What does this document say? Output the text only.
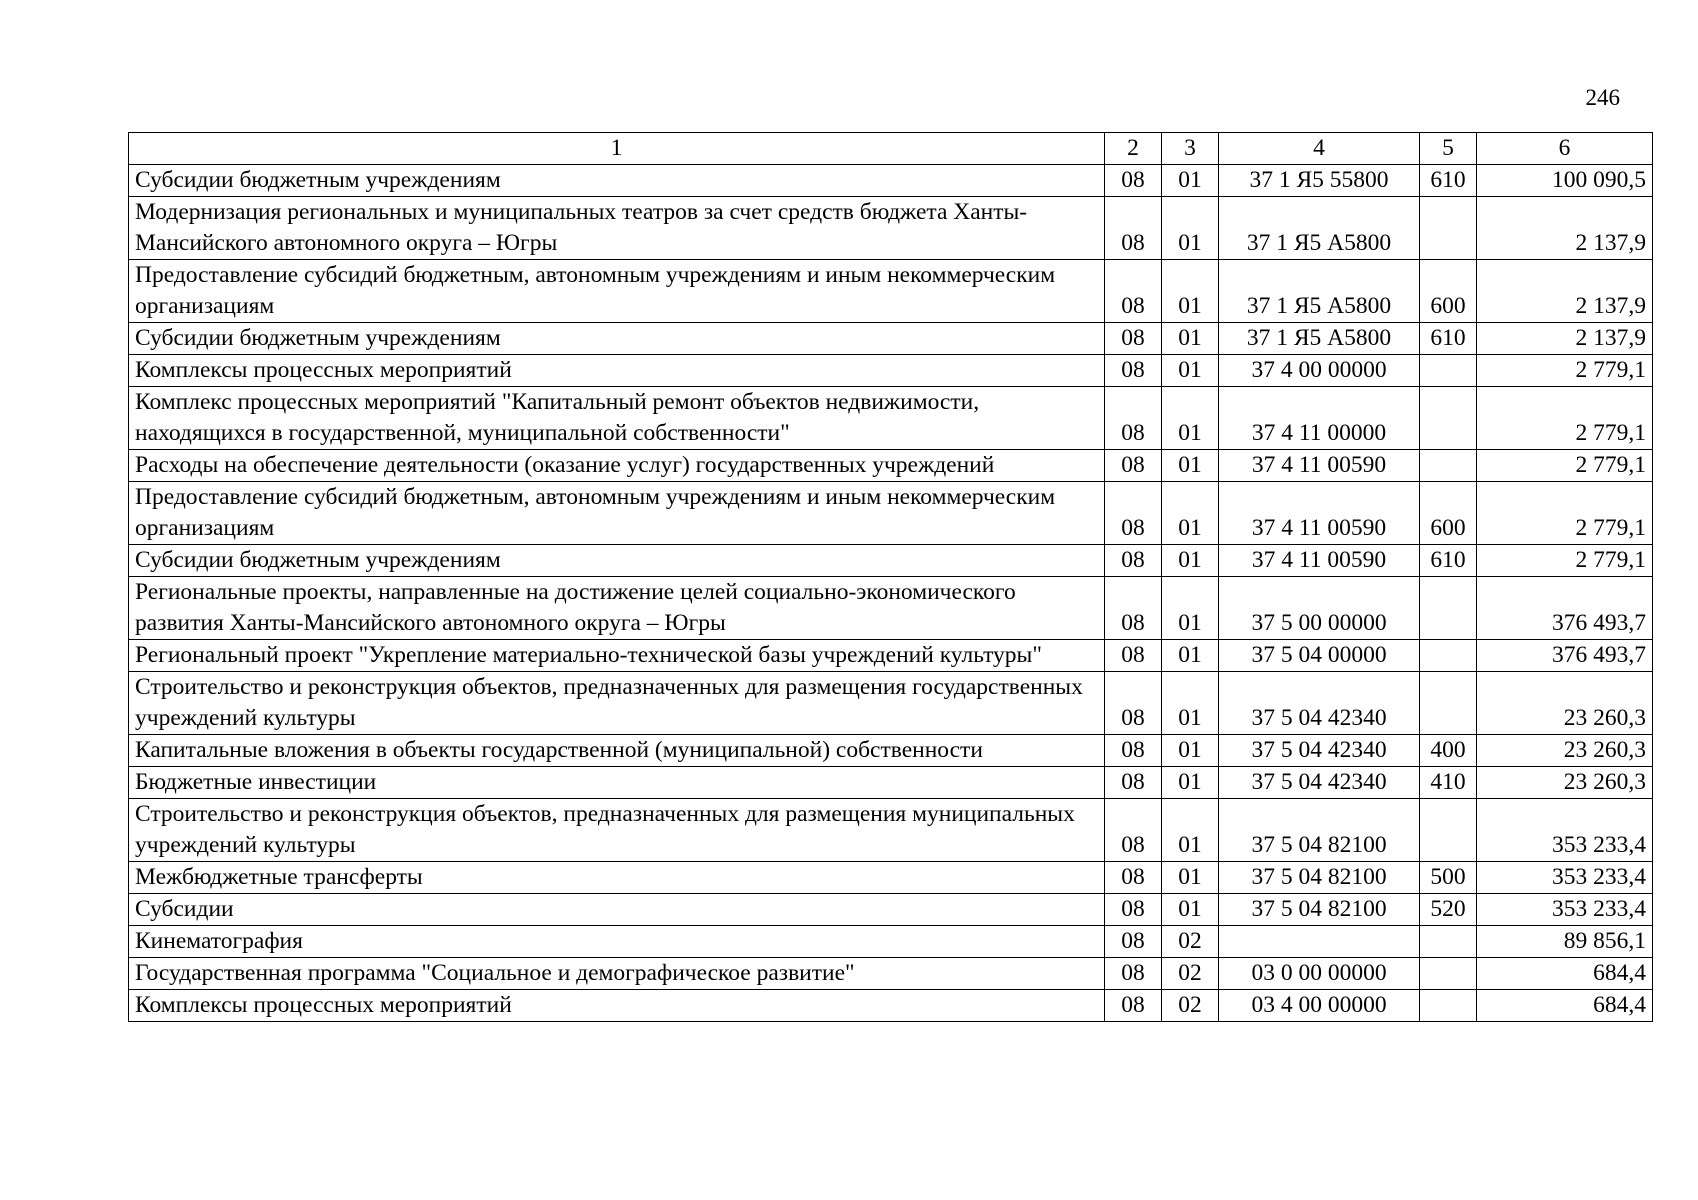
246
1	2	3	4	5	6
Субсидии бюджетным учреждениям	08	01	37 1 Я5 55800	610	100 090,5
Модернизация региональных и муниципальных театров за счет средств бюджета Ханты-Мансийского автономного округа – Югры	08	01	37 1 Я5 А5800		2 137,9
Предоставление субсидий бюджетным, автономным учреждениям и иным некоммерческим организациям	08	01	37 1 Я5 А5800	600	2 137,9
Субсидии бюджетным учреждениям	08	01	37 1 Я5 А5800	610	2 137,9
Комплексы процессных мероприятий	08	01	37 4 00 00000		2 779,1
Комплекс процессных мероприятий "Капитальный ремонт объектов недвижимости, находящихся в государственной, муниципальной собственности"	08	01	37 4 11 00000		2 779,1
Расходы на обеспечение деятельности (оказание услуг) государственных учреждений	08	01	37 4 11 00590		2 779,1
Предоставление субсидий бюджетным, автономным учреждениям и иным некоммерческим организациям	08	01	37 4 11 00590	600	2 779,1
Субсидии бюджетным учреждениям	08	01	37 4 11 00590	610	2 779,1
Региональные проекты, направленные на достижение целей социально-экономического развития Ханты-Мансийского автономного округа – Югры	08	01	37 5 00 00000		376 493,7
Региональный проект "Укрепление материально-технической базы учреждений культуры"	08	01	37 5 04 00000		376 493,7
Строительство и реконструкция объектов, предназначенных для размещения государственных учреждений культуры	08	01	37 5 04 42340		23 260,3
Капитальные вложения в объекты государственной (муниципальной) собственности	08	01	37 5 04 42340	400	23 260,3
Бюджетные инвестиции	08	01	37 5 04 42340	410	23 260,3
Строительство и реконструкция объектов, предназначенных для размещения муниципальных учреждений культуры	08	01	37 5 04 82100		353 233,4
Межбюджетные трансферты	08	01	37 5 04 82100	500	353 233,4
Субсидии	08	01	37 5 04 82100	520	353 233,4
Кинематография	08	02			89 856,1
Государственная программа "Социальное и демографическое развитие"	08	02	03 0 00 00000		684,4
Комплексы процессных мероприятий	08	02	03 4 00 00000		684,4
